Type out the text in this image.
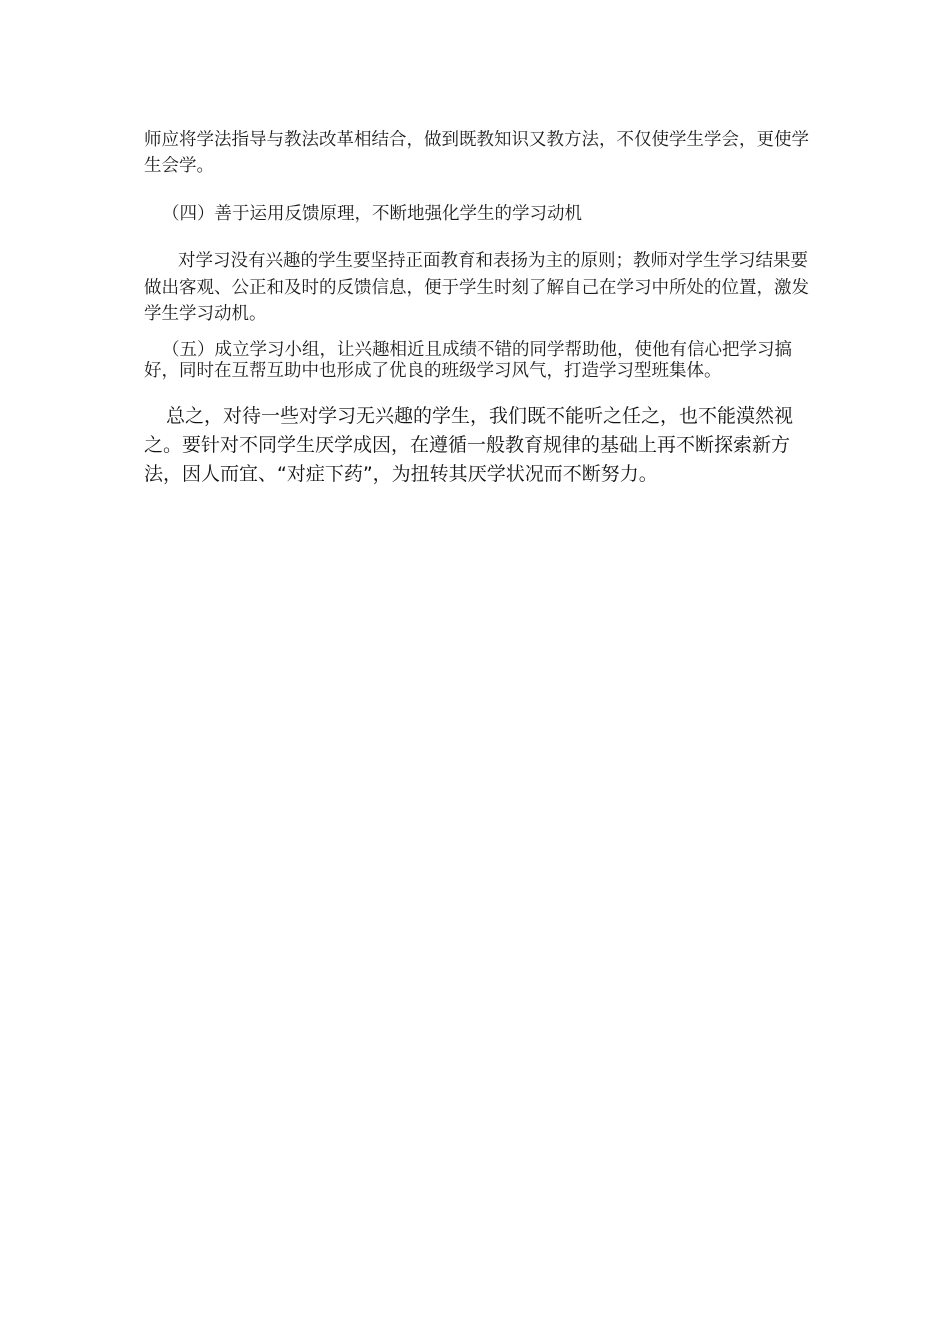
师应将学法指导与教法改革相结合，做到既教知识又教方法，不仅使学生学会，更使学生会学。

（四）善于运用反馈原理，不断地强化学生的学习动机

对学习没有兴趣的学生要坚持正面教育和表扬为主的原则；教师对学生学习结果要做出客观、公正和及时的反馈信息，便于学生时刻了解自己在学习中所处的位置，激发学生学习动机。

（五）成立学习小组，让兴趣相近且成绩不错的同学帮助他，使他有信心把学习搞好，同时在互帮互助中也形成了优良的班级学习风气，打造学习型班集体。

总之，对待一些对学习无兴趣的学生，我们既不能听之任之，也不能漠然视之。要针对不同学生厌学成因，在遵循一般教育规律的基础上再不断探索新方法，因人而宜、“对症下药”，为扭转其厌学状况而不断努力。
